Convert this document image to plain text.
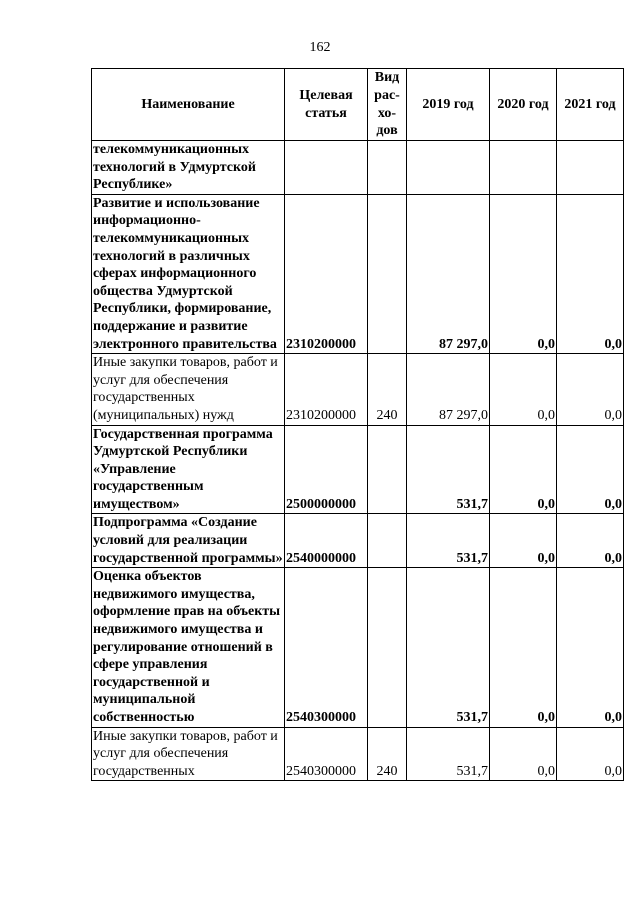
162
Наименование	Целевая статья	Вид рас-хо-дов	2019 год	2020 год	2021 год
телекоммуникационных технологий в Удмуртской Республике»					
Развитие и использование информационно-телекоммуникационных технологий в различных сферах информационного общества Удмуртской Республики, формирование, поддержание и развитие электронного правительства	2310200000		87 297,0	0,0	0,0
Иные закупки товаров, работ и услуг для обеспечения государственных (муниципальных) нужд	2310200000	240	87 297,0	0,0	0,0
Государственная программа Удмуртской Республики «Управление государственным имуществом»	2500000000		531,7	0,0	0,0
Подпрограмма «Создание условий для реализации государственной программы»	2540000000		531,7	0,0	0,0
Оценка объектов недвижимого имущества, оформление прав на объекты недвижимого имущества и регулирование отношений в сфере управления государственной и муниципальной собственностью	2540300000		531,7	0,0	0,0
Иные закупки товаров, работ и услуг для обеспечения государственных	2540300000	240	531,7	0,0	0,0
